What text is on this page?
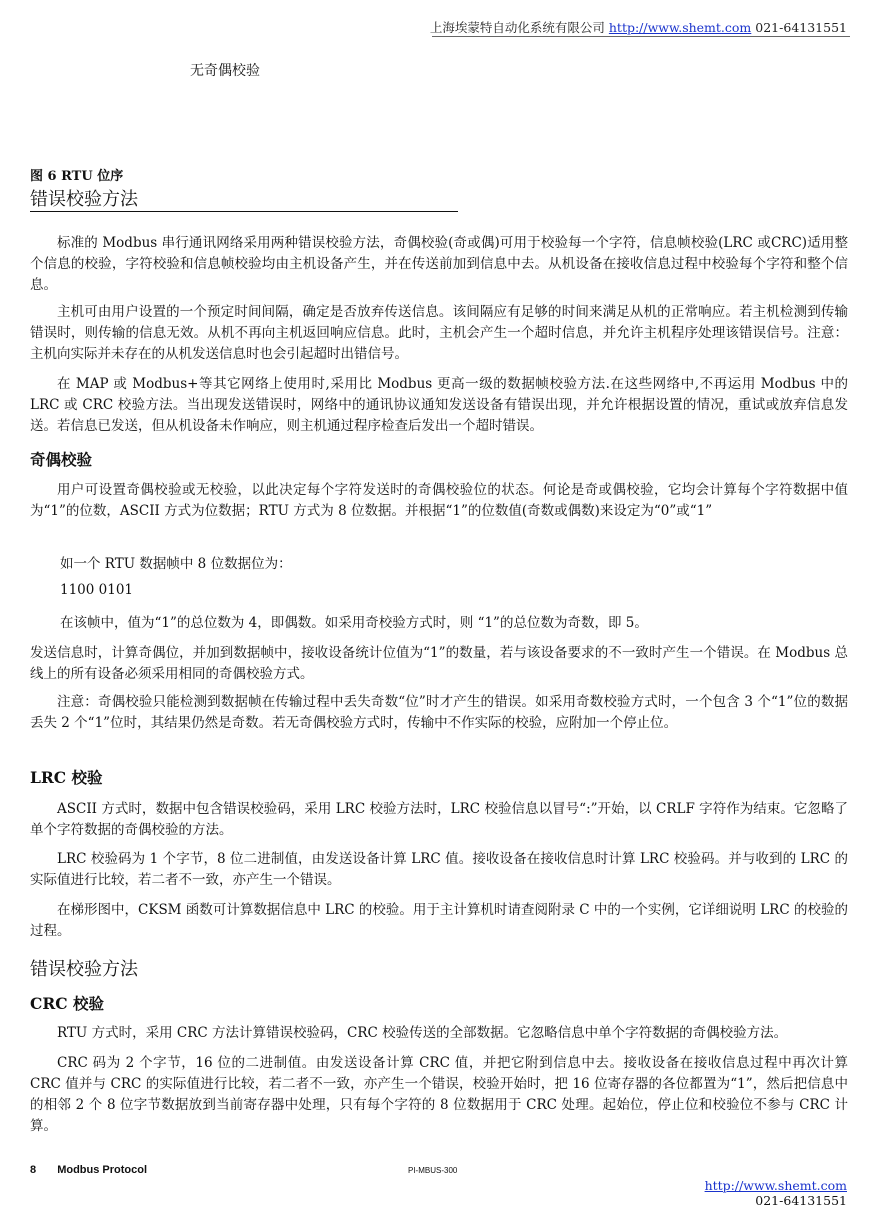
上海埃蒙特自动化系统有限公司 http://www.shemt.com 021-64131551
无奇偶校验
图 6 RTU 位序
错误校验方法
标准的 Modbus 串行通讯网络采用两种错误校验方法，奇偶校验(奇或偶)可用于校验每一个字符，信息帧校验(LRC 或CRC)适用整个信息的校验，字符校验和信息帧校验均由主机设备产生，并在传送前加到信息中去。从机设备在接收信息过程中校验每个字符和整个信息。
主机可由用户设置的一个预定时间间隔，确定是否放弃传送信息。该间隔应有足够的时间来满足从机的正常响应。若主机检测到传输错误时，则传输的信息无效。从机不再向主机返回响应信息。此时，主机会产生一个超时信息，并允许主机程序处理该错误信号。注意：主机向实际并未存在的从机发送信息时也会引起超时出错信号。
在 MAP 或 Modbus+等其它网络上使用时,采用比 Modbus 更高一级的数据帧校验方法.在这些网络中,不再运用 Modbus 中的 LRC 或 CRC 校验方法。当出现发送错误时，网络中的通讯协议通知发送设备有错误出现，并允许根据设置的情况，重试或放弃信息发送。若信息已发送，但从机设备未作响应，则主机通过程序检查后发出一个超时错误。
奇偶校验
用户可设置奇偶校验或无校验，以此决定每个字符发送时的奇偶校验位的状态。何论是奇或偶校验，它均会计算每个字符数据中值为“1”的位数，ASCII 方式为位数据；RTU 方式为 8 位数据。并根据“1”的位数值(奇数或偶数)来设定为“0”或“1”
如一个 RTU 数据帧中 8 位数据位为：
1100 0101
在该帧中，值为“1”的总位数为 4，即偶数。如采用奇校验方式时，则 “1”的总位数为奇数，即 5。
发送信息时，计算奇偶位，并加到数据帧中，接收设备统计位值为“1”的数量，若与该设备要求的不一致时产生一个错误。在 Modbus 总线上的所有设备必须采用相同的奇偶校验方式。
注意：奇偶校验只能检测到数据帧在传输过程中丢失奇数“位”时才产生的错误。如采用奇数校验方式时，一个包含 3 个“1”位的数据丢失 2 个“1”位时，其结果仍然是奇数。若无奇偶校验方式时，传输中不作实际的校验，应附加一个停止位。
LRC 校验
ASCII 方式时，数据中包含错误校验码，采用 LRC 校验方法时，LRC 校验信息以冒号“:”开始，以 CRLF 字符作为结束。它忽略了单个字符数据的奇偶校验的方法。
LRC 校验码为 1 个字节，8 位二进制值，由发送设备计算 LRC 值。接收设备在接收信息时计算 LRC 校验码。并与收到的 LRC 的实际值进行比较，若二者不一致，亦产生一个错误。
在梯形图中，CKSM 函数可计算数据信息中 LRC 的校验。用于主计算机时请查阅附录 C 中的一个实例，它详细说明 LRC 的校验的过程。
错误校验方法
CRC 校验
RTU 方式时，采用 CRC 方法计算错误校验码，CRC 校验传送的全部数据。它忽略信息中单个字符数据的奇偶校验方法。
CRC 码为 2 个字节，16 位的二进制值。由发送设备计算 CRC 值，并把它附到信息中去。接收设备在接收信息过程中再次计算 CRC 值并与 CRC 的实际值进行比较，若二者不一致，亦产生一个错误，校验开始时，把 16 位寄存器的各位都置为“1”，然后把信息中的相邻 2 个 8 位字节数据放到当前寄存器中处理，只有每个字符的 8 位数据用于 CRC 处理。起始位，停止位和校验位不参与 CRC 计算。
8 Modbus Protocol	PI-MBUS-300
http://www.shemt.com
021-64131551
